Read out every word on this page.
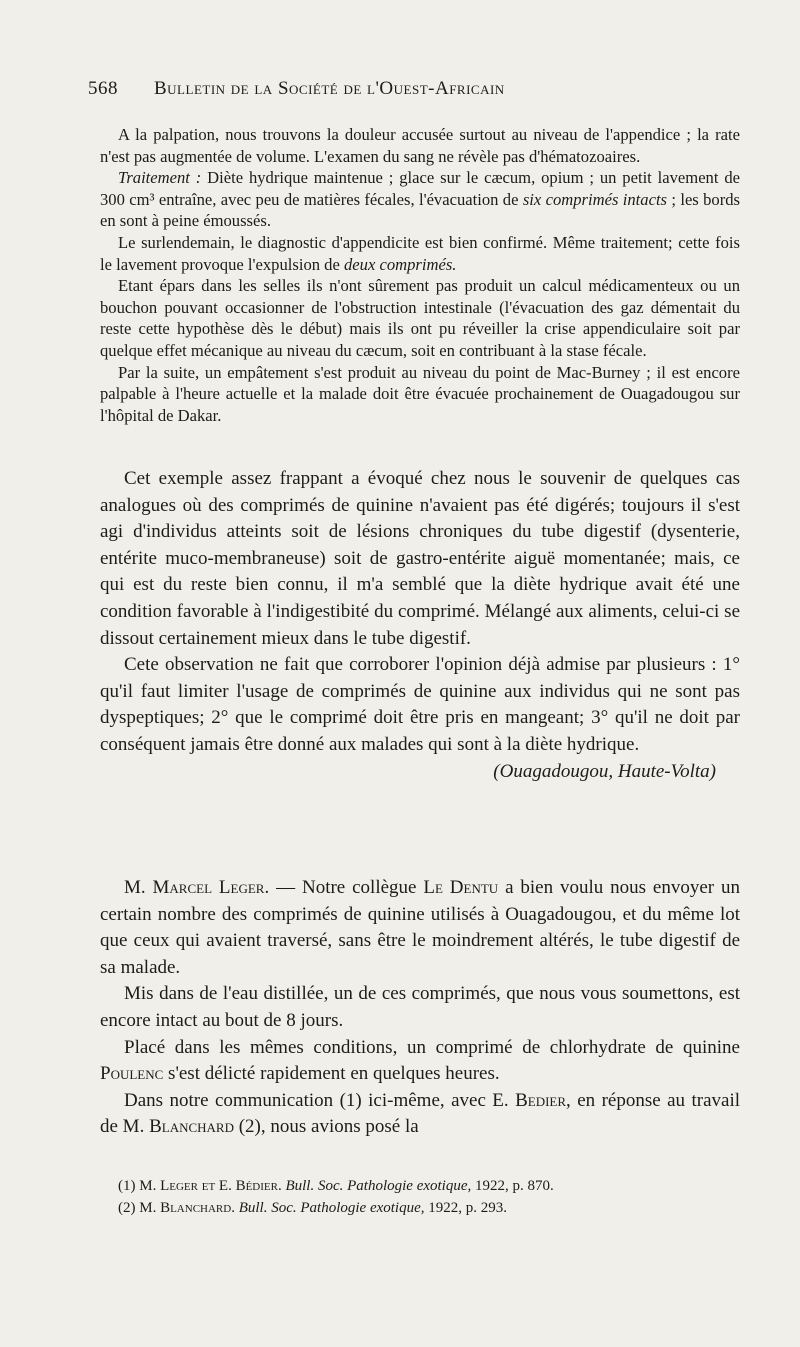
568 Bulletin de la Société de l'Ouest-Africain

A la palpation, nous trouvons la douleur accusée surtout au niveau de l'appendice ; la rate n'est pas augmentée de volume. L'examen du sang ne révèle pas d'hématozoaires.

Traitement : Diète hydrique maintenue ; glace sur le cæcum, opium ; un petit lavement de 300 cm³ entraîne, avec peu de matières fécales, l'évacuation de six comprimés intacts ; les bords en sont à peine émoussés.

Le surlendemain, le diagnostic d'appendicite est bien confirmé. Même traitement; cette fois le lavement provoque l'expulsion de deux comprimés.

Etant épars dans les selles ils n'ont sûrement pas produit un calcul médicamenteux ou un bouchon pouvant occasionner de l'obstruction intestinale (l'évacuation des gaz démentait du reste cette hypothèse dès le début) mais ils ont pu réveiller la crise appendiculaire soit par quelque effet mécanique au niveau du cæcum, soit en contribuant à la stase fécale.

Par la suite, un empâtement s'est produit au niveau du point de Mac-Burney ; il est encore palpable à l'heure actuelle et la malade doit être évacuée prochainement de Ouagadougou sur l'hôpital de Dakar.

Cet exemple assez frappant a évoqué chez nous le souvenir de quelques cas analogues où des comprimés de quinine n'avaient pas été digérés; toujours il s'est agi d'individus atteints soit de lésions chroniques du tube digestif (dysenterie, entérite muco-membraneuse) soit de gastro-entérite aiguë momentanée; mais, ce qui est du reste bien connu, il m'a semblé que la diète hydrique avait été une condition favorable à l'indigestibité du comprimé. Mélangé aux aliments, celui-ci se dissout certainement mieux dans le tube digestif.

Cete observation ne fait que corroborer l'opinion déjà admise par plusieurs : 1° qu'il faut limiter l'usage de comprimés de quinine aux individus qui ne sont pas dyspeptiques; 2° que le comprimé doit être pris en mangeant; 3° qu'il ne doit par conséquent jamais être donné aux malades qui sont à la diète hydrique.

(Ouagadougou, Haute-Volta)

M. Marcel Leger. — Notre collègue Le Dentu a bien voulu nous envoyer un certain nombre des comprimés de quinine utilisés à Ouagadougou, et du même lot que ceux qui avaient traversé, sans être le moindrement altérés, le tube digestif de sa malade.

Mis dans de l'eau distillée, un de ces comprimés, que nous vous soumettons, est encore intact au bout de 8 jours.

Placé dans les mêmes conditions, un comprimé de chlorhydrate de quinine Poulenc s'est délicté rapidement en quelques heures.

Dans notre communication (1) ici-même, avec E. Bedier, en réponse au travail de M. Blanchard (2), nous avions posé la

(1) M. Leger et E. Bédier. Bull. Soc. Pathologie exotique, 1922, p. 870.
(2) M. Blanchard. Bull. Soc. Pathologie exotique, 1922, p. 293.
